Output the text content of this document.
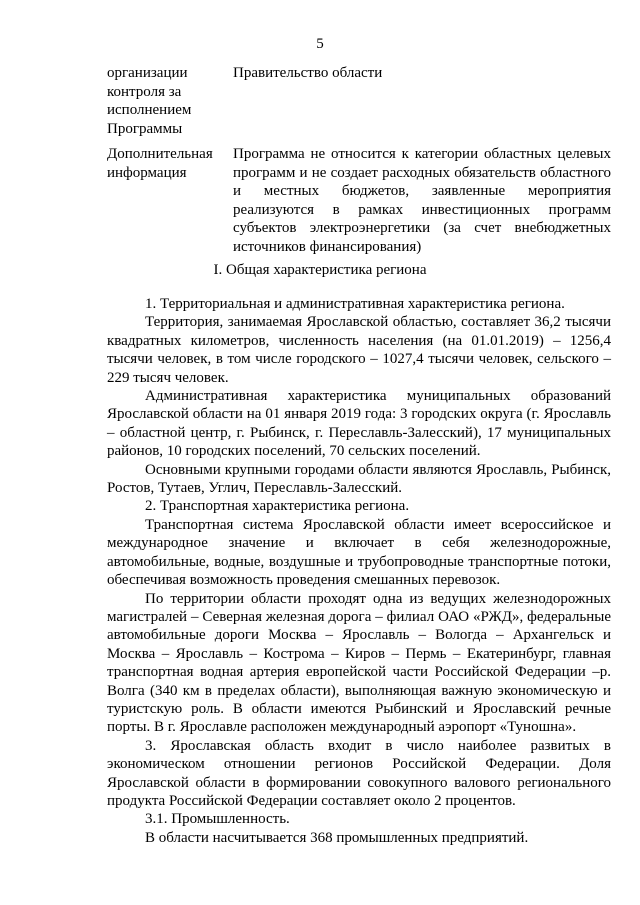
5
организации контроля за исполнением Программы
Правительство области
Дополнительная информация
Программа не относится к категории областных целевых программ и не создает расходных обязательств областного и местных бюджетов, заявленные мероприятия реализуются в рамках инвестиционных программ субъектов электроэнергетики (за счет внебюджетных источников финансирования)
I. Общая характеристика региона

1. Территориальная и административная характеристика региона.

Территория, занимаемая Ярославской областью, составляет 36,2 тысячи квадратных километров, численность населения (на 01.01.2019) – 1256,4 тысячи человек, в том числе городского – 1027,4 тысячи человек, сельского – 229 тысяч человек.

Административная характеристика муниципальных образований Ярославской области на 01 января 2019 года: 3 городских округа (г. Ярославль – областной центр, г. Рыбинск, г. Переславль-Залесский), 17 муниципальных районов, 10 городских поселений, 70 сельских поселений.

Основными крупными городами области являются Ярославль, Рыбинск, Ростов, Тутаев, Углич, Переславль-Залесский.

2. Транспортная характеристика региона.

Транспортная система Ярославской области имеет всероссийское и международное значение и включает в себя железнодорожные, автомобильные, водные, воздушные и трубопроводные транспортные потоки, обеспечивая возможность проведения смешанных перевозок.

По территории области проходят одна из ведущих железнодорожных магистралей – Северная железная дорога – филиал ОАО «РЖД», федеральные автомобильные дороги Москва – Ярославль – Вологда – Архангельск и Москва – Ярославль – Кострома – Киров – Пермь – Екатеринбург, главная транспортная водная артерия европейской части Российской Федерации –р. Волга (340 км в пределах области), выполняющая важную экономическую и туристскую роль. В области имеются Рыбинский и Ярославский речные порты. В г. Ярославле расположен международный аэропорт «Туношна».

3. Ярославская область входит в число наиболее развитых в экономическом отношении регионов Российской Федерации. Доля Ярославской области в формировании совокупного валового регионального продукта Российской Федерации составляет около 2 процентов.

3.1. Промышленность.

В области насчитывается 368 промышленных предприятий.
